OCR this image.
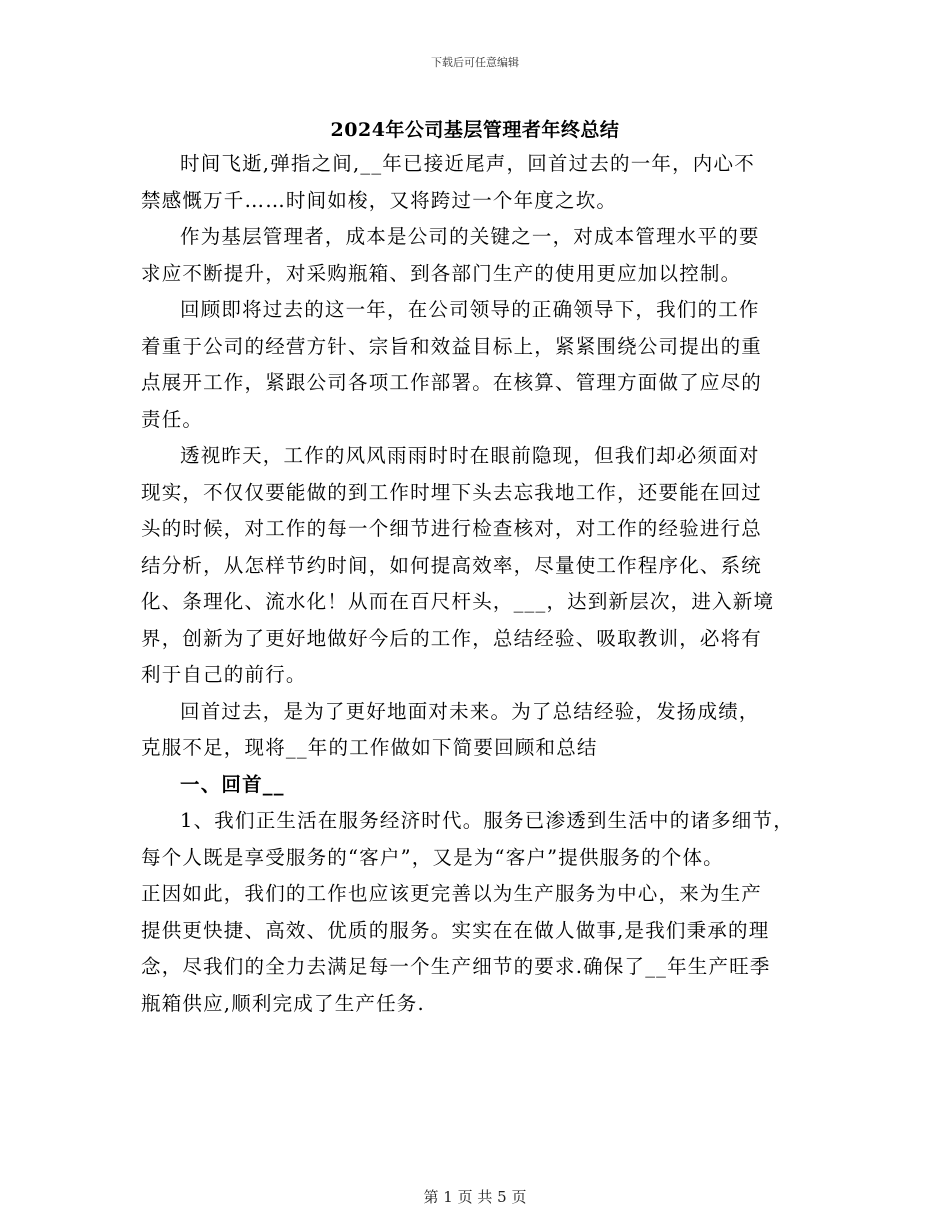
下载后可任意编辑
2024年公司基层管理者年终总结
时间飞逝,弹指之间,__年已接近尾声，回首过去的一年，内心不
禁感慨万千……时间如梭，又将跨过一个年度之坎。
作为基层管理者，成本是公司的关键之一，对成本管理水平的要
求应不断提升，对采购瓶箱、到各部门生产的使用更应加以控制。
回顾即将过去的这一年，在公司领导的正确领导下，我们的工作
着重于公司的经营方针、宗旨和效益目标上，紧紧围绕公司提出的重
点展开工作，紧跟公司各项工作部署。在核算、管理方面做了应尽的
责任。
透视昨天，工作的风风雨雨时时在眼前隐现，但我们却必须面对
现实，不仅仅要能做的到工作时埋下头去忘我地工作，还要能在回过
头的时候，对工作的每一个细节进行检查核对，对工作的经验进行总
结分析，从怎样节约时间，如何提高效率，尽量使工作程序化、系统
化、条理化、流水化！从而在百尺杆头，___，达到新层次，进入新境
界，创新为了更好地做好今后的工作，总结经验、吸取教训，必将有
利于自己的前行。
回首过去，是为了更好地面对未来。为了总结经验，发扬成绩，
克服不足，现将__年的工作做如下简要回顾和总结
一、回首__
1、我们正生活在服务经济时代。服务已渗透到生活中的诸多细节，
每个人既是享受服务的“客户”，又是为“客户”提供服务的个体。
正因如此，我们的工作也应该更完善以为生产服务为中心，来为生产
提供更快捷、高效、优质的服务。实实在在做人做事,是我们秉承的理
念，尽我们的全力去满足每一个生产细节的要求.确保了__年生产旺季
瓶箱供应,顺利完成了生产任务.
第 1 页 共 5 页
